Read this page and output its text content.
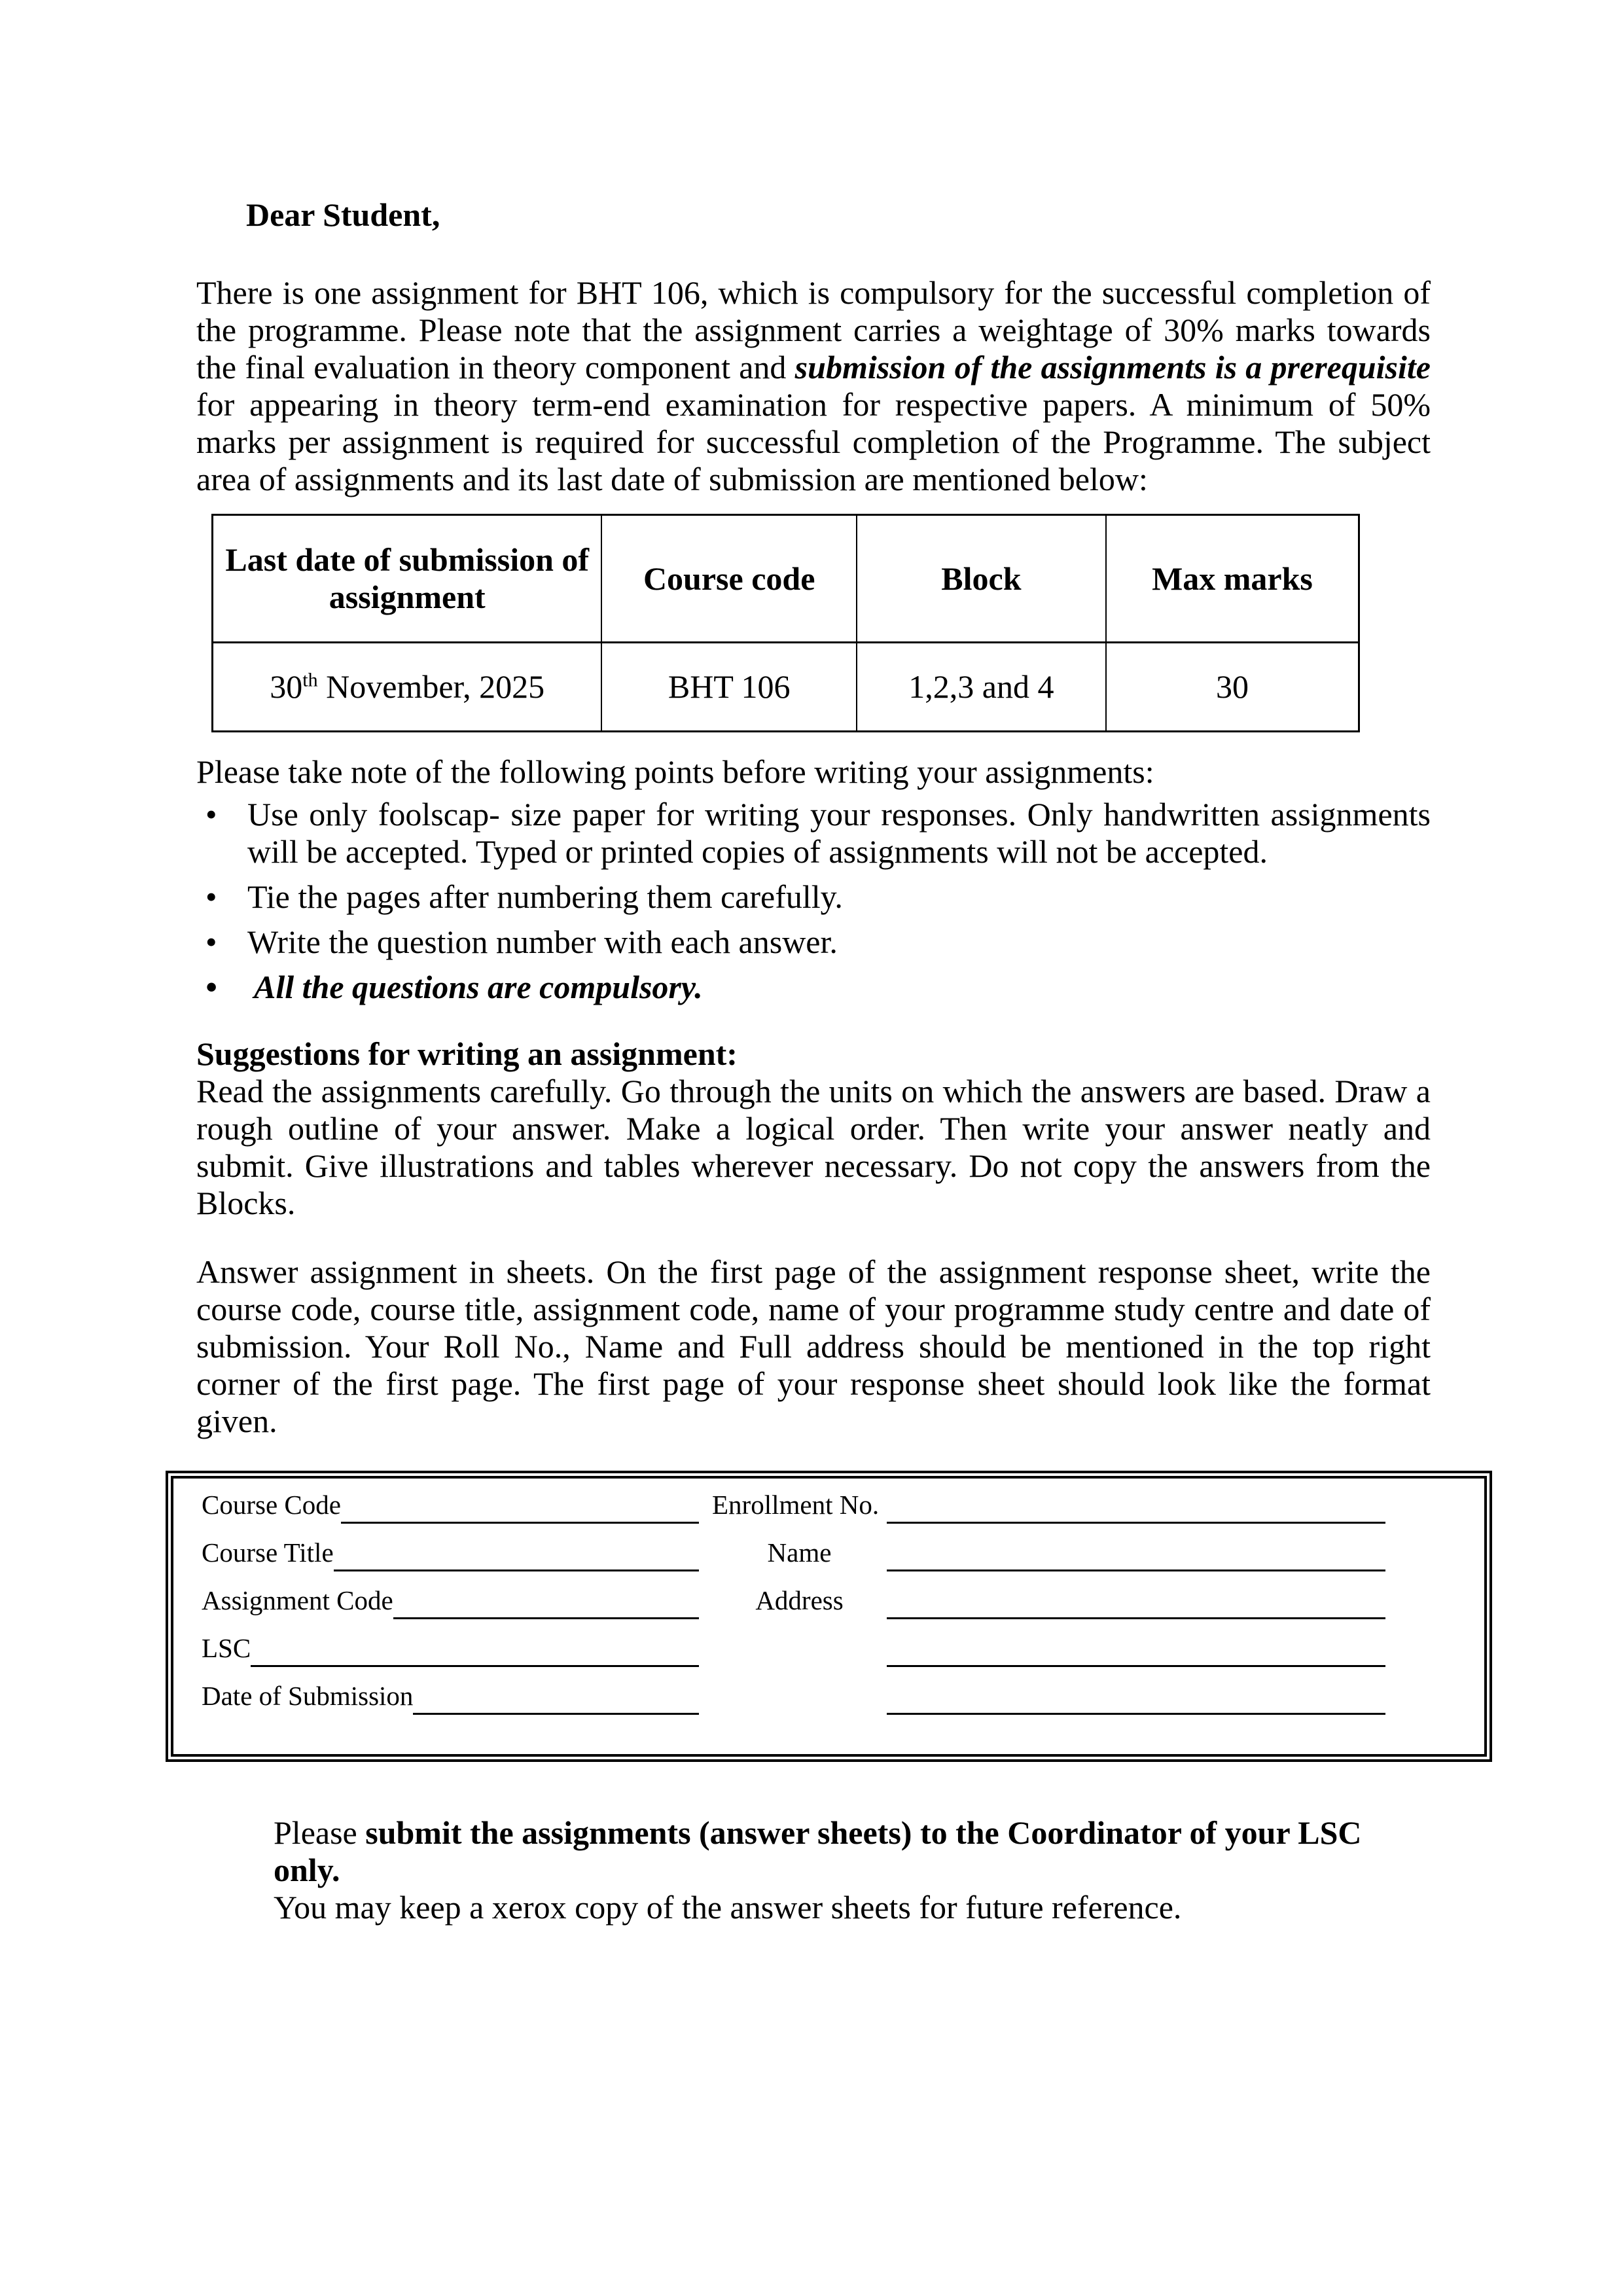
Dear Student,
There is one assignment for BHT 106, which is compulsory for the successful completion of the programme. Please note that the assignment carries a weightage of 30% marks towards the final evaluation in theory component and submission of the assignments is a prerequisite for appearing in theory term-end examination for respective papers. A minimum of 50% marks per assignment is required for successful completion of the Programme. The subject area of assignments and its last date of submission are mentioned below:
Last date of submission of assignment	Course code	Block	Max marks
30th November, 2025	BHT 106	1,2,3 and 4	30
Please take note of the following points before writing your assignments:
• Use only foolscap- size paper for writing your responses. Only handwritten assignments will be accepted. Typed or printed copies of assignments will not be accepted.
• Tie the pages after numbering them carefully.
• Write the question number with each answer.
• All the questions are compulsory.
Suggestions for writing an assignment:
Read the assignments carefully. Go through the units on which the answers are based. Draw a rough outline of your answer. Make a logical order. Then write your answer neatly and submit. Give illustrations and tables wherever necessary. Do not copy the answers from the Blocks.
Answer assignment in sheets. On the first page of the assignment response sheet, write the course code, course title, assignment code, name of your programme study centre and date of submission. Your Roll No., Name and Full address should be mentioned in the top right corner of the first page. The first page of your response sheet should look like the format given.
Course Code	Enrollment No.
Course Title	Name
Assignment Code	Address
LSC
Date of Submission
Please submit the assignments (answer sheets) to the Coordinator of your LSC only.
You may keep a xerox copy of the answer sheets for future reference.
